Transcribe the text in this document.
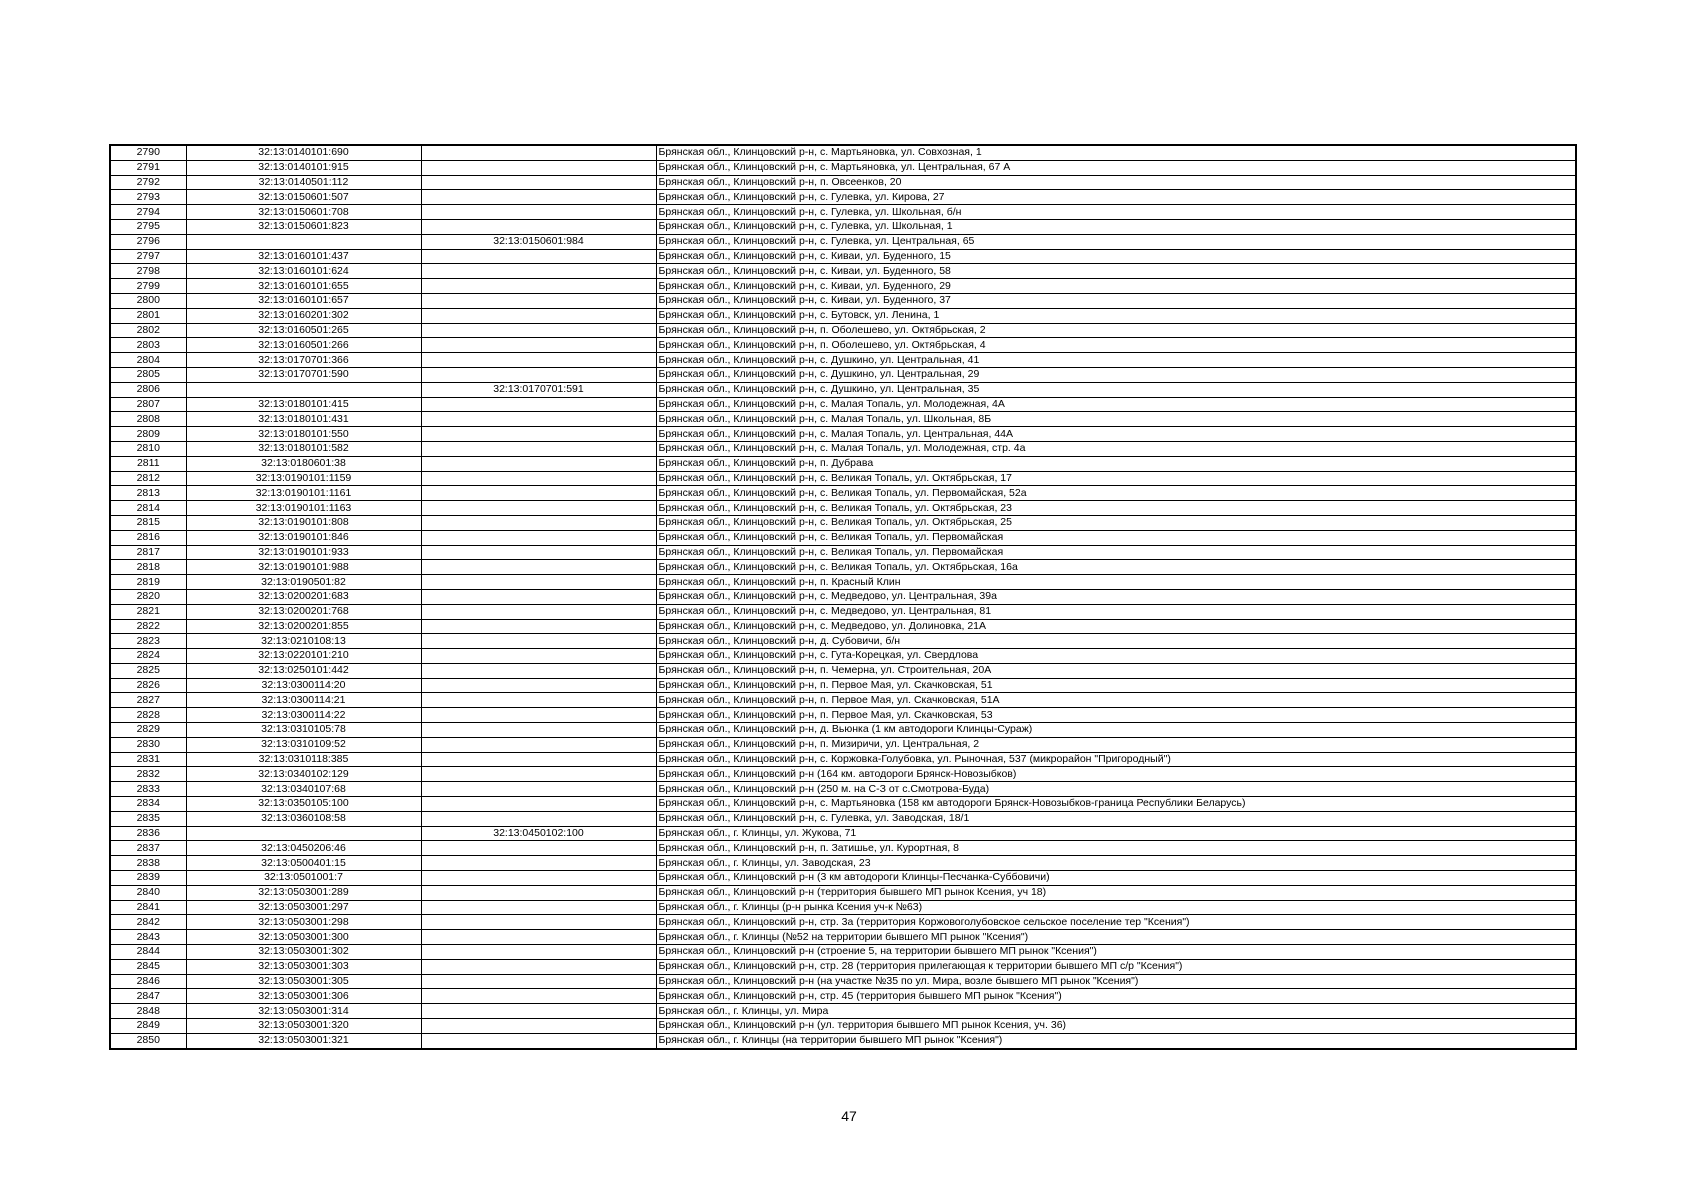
2790	32:13:0140101:690		Брянская обл., Клинцовский р-н, с. Мартьяновка, ул. Совхозная, 1
2791	32:13:0140101:915		Брянская обл., Клинцовский р-н, с. Мартьяновка, ул. Центральная, 67 А
2792	32:13:0140501:112		Брянская обл., Клинцовский р-н, п. Овсеенков, 20
2793	32:13:0150601:507		Брянская обл., Клинцовский р-н, с. Гулевка, ул. Кирова, 27
2794	32:13:0150601:708		Брянская обл., Клинцовский р-н, с. Гулевка, ул. Школьная, б/н
2795	32:13:0150601:823		Брянская обл., Клинцовский р-н, с. Гулевка, ул. Школьная, 1
2796		32:13:0150601:984	Брянская обл., Клинцовский р-н, с. Гулевка, ул. Центральная, 65
2797	32:13:0160101:437		Брянская обл., Клинцовский р-н, с. Киваи, ул. Буденного, 15
2798	32:13:0160101:624		Брянская обл., Клинцовский р-н, с. Киваи, ул. Буденного, 58
2799	32:13:0160101:655		Брянская обл., Клинцовский р-н, с. Киваи, ул. Буденного, 29
2800	32:13:0160101:657		Брянская обл., Клинцовский р-н, с. Киваи, ул. Буденного, 37
2801	32:13:0160201:302		Брянская обл., Клинцовский р-н, с. Бутовск, ул. Ленина, 1
2802	32:13:0160501:265		Брянская обл., Клинцовский р-н, п. Оболешево, ул. Октябрьская, 2
2803	32:13:0160501:266		Брянская обл., Клинцовский р-н, п. Оболешево, ул. Октябрьская, 4
2804	32:13:0170701:366		Брянская обл., Клинцовский р-н, с. Душкино, ул. Центральная, 41
2805	32:13:0170701:590		Брянская обл., Клинцовский р-н, с. Душкино, ул. Центральная, 29
2806		32:13:0170701:591	Брянская обл., Клинцовский р-н, с. Душкино, ул. Центральная, 35
2807	32:13:0180101:415		Брянская обл., Клинцовский р-н, с. Малая Топаль, ул. Молодежная, 4А
2808	32:13:0180101:431		Брянская обл., Клинцовский р-н, с. Малая Топаль, ул. Школьная, 8Б
2809	32:13:0180101:550		Брянская обл., Клинцовский р-н, с. Малая Топаль, ул. Центральная, 44А
2810	32:13:0180101:582		Брянская обл., Клинцовский р-н, с. Малая Топаль, ул. Молодежная, стр. 4а
2811	32:13:0180601:38		Брянская обл., Клинцовский р-н, п. Дубрава
2812	32:13:0190101:1159		Брянская обл., Клинцовский р-н, с. Великая Топаль, ул. Октябрьская, 17
2813	32:13:0190101:1161		Брянская обл., Клинцовский р-н, с. Великая Топаль, ул. Первомайская, 52а
2814	32:13:0190101:1163		Брянская обл., Клинцовский р-н, с. Великая Топаль, ул. Октябрьская, 23
2815	32:13:0190101:808		Брянская обл., Клинцовский р-н, с. Великая Топаль, ул. Октябрьская, 25
2816	32:13:0190101:846		Брянская обл., Клинцовский р-н, с. Великая Топаль, ул. Первомайская
2817	32:13:0190101:933		Брянская обл., Клинцовский р-н, с. Великая Топаль, ул. Первомайская
2818	32:13:0190101:988		Брянская обл., Клинцовский р-н, с. Великая Топаль, ул. Октябрьская, 16а
2819	32:13:0190501:82		Брянская обл., Клинцовский р-н, п. Красный Клин
2820	32:13:0200201:683		Брянская обл., Клинцовский р-н, с. Медведово, ул. Центральная, 39а
2821	32:13:0200201:768		Брянская обл., Клинцовский р-н, с. Медведово, ул. Центральная, 81
2822	32:13:0200201:855		Брянская обл., Клинцовский р-н, с. Медведово, ул. Долиновка, 21А
2823	32:13:0210108:13		Брянская обл., Клинцовский р-н, д. Субовичи, б/н
2824	32:13:0220101:210		Брянская обл., Клинцовский р-н, с. Гута-Корецкая, ул. Свердлова
2825	32:13:0250101:442		Брянская обл., Клинцовский р-н, п. Чемерна, ул. Строительная, 20А
2826	32:13:0300114:20		Брянская обл., Клинцовский р-н, п. Первое Мая, ул. Скачковская, 51
2827	32:13:0300114:21		Брянская обл., Клинцовский р-н, п. Первое Мая, ул. Скачковская, 51А
2828	32:13:0300114:22		Брянская обл., Клинцовский р-н, п. Первое Мая, ул. Скачковская, 53
2829	32:13:0310105:78		Брянская обл., Клинцовский р-н, д. Вьюнка (1 км автодороги Клинцы-Сураж)
2830	32:13:0310109:52		Брянская обл., Клинцовский р-н, п. Мизиричи, ул. Центральная, 2
2831	32:13:0310118:385		Брянская обл., Клинцовский р-н, с. Коржовка-Голубовка, ул. Рыночная, 537 (микрорайон "Пригородный")
2832	32:13:0340102:129		Брянская обл., Клинцовский р-н (164 км. автодороги Брянск-Новозыбков)
2833	32:13:0340107:68		Брянская обл., Клинцовский р-н (250 м. на С-З от с.Смотрова-Буда)
2834	32:13:0350105:100		Брянская обл., Клинцовский р-н, с. Мартьяновка (158 км автодороги Брянск-Новозыбков-граница Республики Беларусь)
2835	32:13:0360108:58		Брянская обл., Клинцовский р-н, с. Гулевка, ул. Заводская, 18/1
2836		32:13:0450102:100	Брянская обл., г. Клинцы, ул. Жукова, 71
2837	32:13:0450206:46		Брянская обл., Клинцовский р-н, п. Затишье, ул. Курортная, 8
2838	32:13:0500401:15		Брянская обл., г. Клинцы, ул. Заводская, 23
2839	32:13:0501001:7		Брянская обл., Клинцовский р-н (3 км автодороги Клинцы-Песчанка-Суббовичи)
2840	32:13:0503001:289		Брянская обл., Клинцовский р-н (территория бывшего МП рынок Ксения, уч 18)
2841	32:13:0503001:297		Брянская обл., г. Клинцы (р-н рынка Ксения уч-к №63)
2842	32:13:0503001:298		Брянская обл., Клинцовский р-н, стр. 3а (территория Коржовоголубовское сельское поселение тер "Ксения")
2843	32:13:0503001:300		Брянская обл., г. Клинцы (№52 на территории бывшего МП рынок "Ксения")
2844	32:13:0503001:302		Брянская обл., Клинцовский р-н (строение 5, на территории бывшего МП рынок "Ксения")
2845	32:13:0503001:303		Брянская обл., Клинцовский р-н, стр. 28 (территория прилегающая к территории бывшего МП с/р "Ксения")
2846	32:13:0503001:305		Брянская обл., Клинцовский р-н (на участке №35 по ул. Мира, возле бывшего МП рынок "Ксения")
2847	32:13:0503001:306		Брянская обл., Клинцовский р-н, стр. 45 (территория бывшего МП рынок "Ксения")
2848	32:13:0503001:314		Брянская обл., г. Клинцы, ул. Мира
2849	32:13:0503001:320		Брянская обл., Клинцовский р-н (ул. территория бывшего МП рынок Ксения, уч. 36)
2850	32:13:0503001:321		Брянская обл., г. Клинцы (на территории бывшего МП рынок "Ксения")
47
